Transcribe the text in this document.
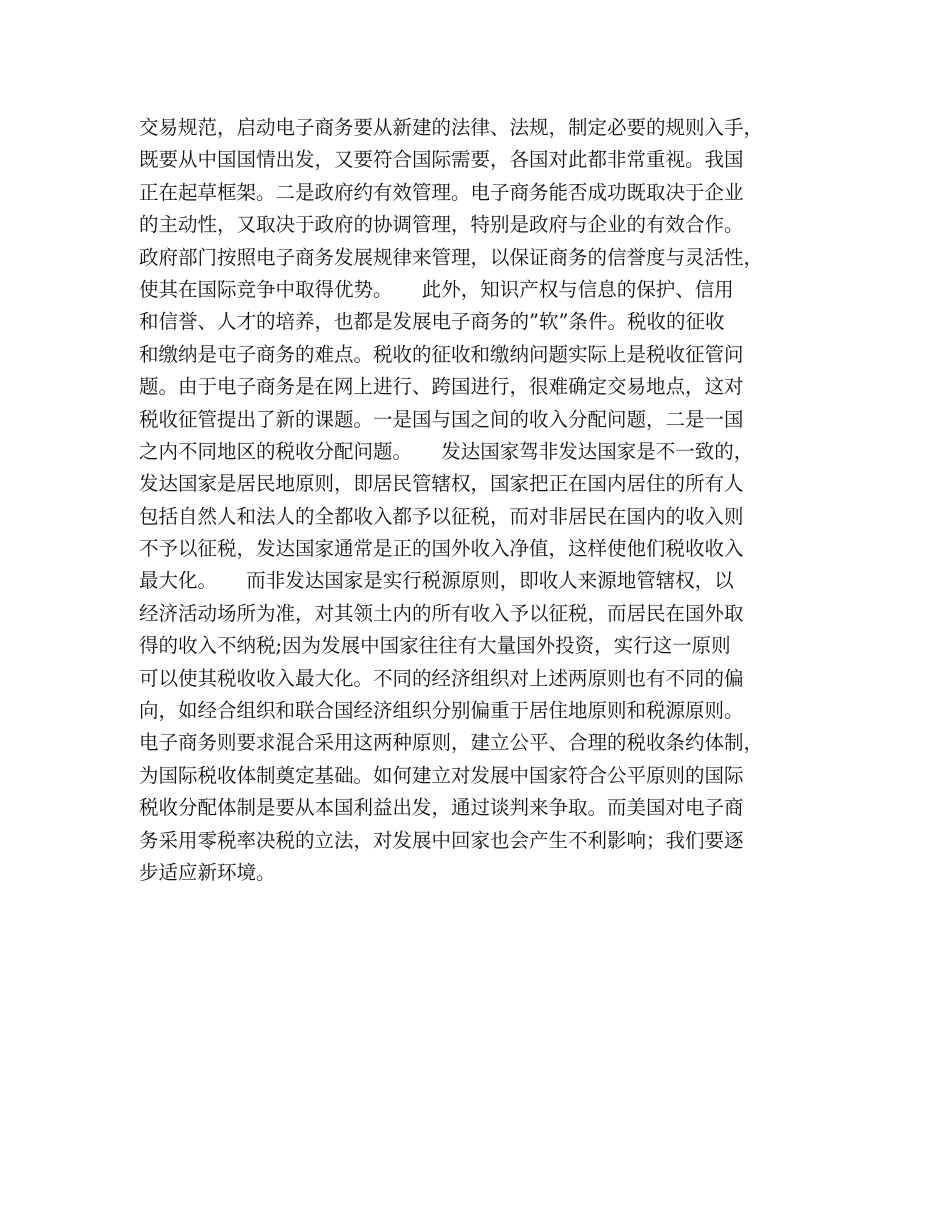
交易规范，启动电子商务要从新建的法律、法规，制定必要的规则入手，
既要从中国国情出发，又要符合国际需要，各国对此都非常重视。我国
正在起草框架。二是政府约有效管理。电子商务能否成功既取决于企业
的主动性，又取决于政府的协调管理，特别是政府与企业的有效合作。
政府部门按照电子商务发展规律来管理，以保证商务的信誉度与灵活性，
使其在国际竞争中取得优势。　　此外，知识产权与信息的保护、信用
和信誉、人才的培养，也都是发展电子商务的”软”条件。税收的征收
和缴纳是屯子商务的难点。税收的征收和缴纳问题实际上是税收征管问
题。由于电子商务是在网上进行、跨国进行，很难确定交易地点，这对
税收征管提出了新的课题。一是国与国之间的收入分配问题，二是一国
之内不同地区的税收分配问题。　　发达国家驾非发达国家是不一致的，
发达国家是居民地原则，即居民管辖权，国家把正在国内居住的所有人
包括自然人和法人的全都收入都予以征税，而对非居民在国内的收入则
不予以征税，发达国家通常是正的国外收入净值，这样使他们税收收入
最大化。　　而非发达国家是实行税源原则，即收人来源地管辖权，以
经济活动场所为准，对其领土内的所有收入予以征税，而居民在国外取
得的收入不纳税;因为发展中国家往往有大量国外投资，实行这一原则
可以使其税收收入最大化。不同的经济组织对上述两原则也有不同的偏
向，如经合组织和联合国经济组织分别偏重于居住地原则和税源原则。
电子商务则要求混合采用这两种原则，建立公平、合理的税收条约体制，
为国际税收体制奠定基础。如何建立对发展中国家符合公平原则的国际
税收分配体制是要从本国利益出发，通过谈判来争取。而美国对电子商
务采用零税率决税的立法，对发展中回家也会产生不利影响；我们要逐
步适应新环境。
